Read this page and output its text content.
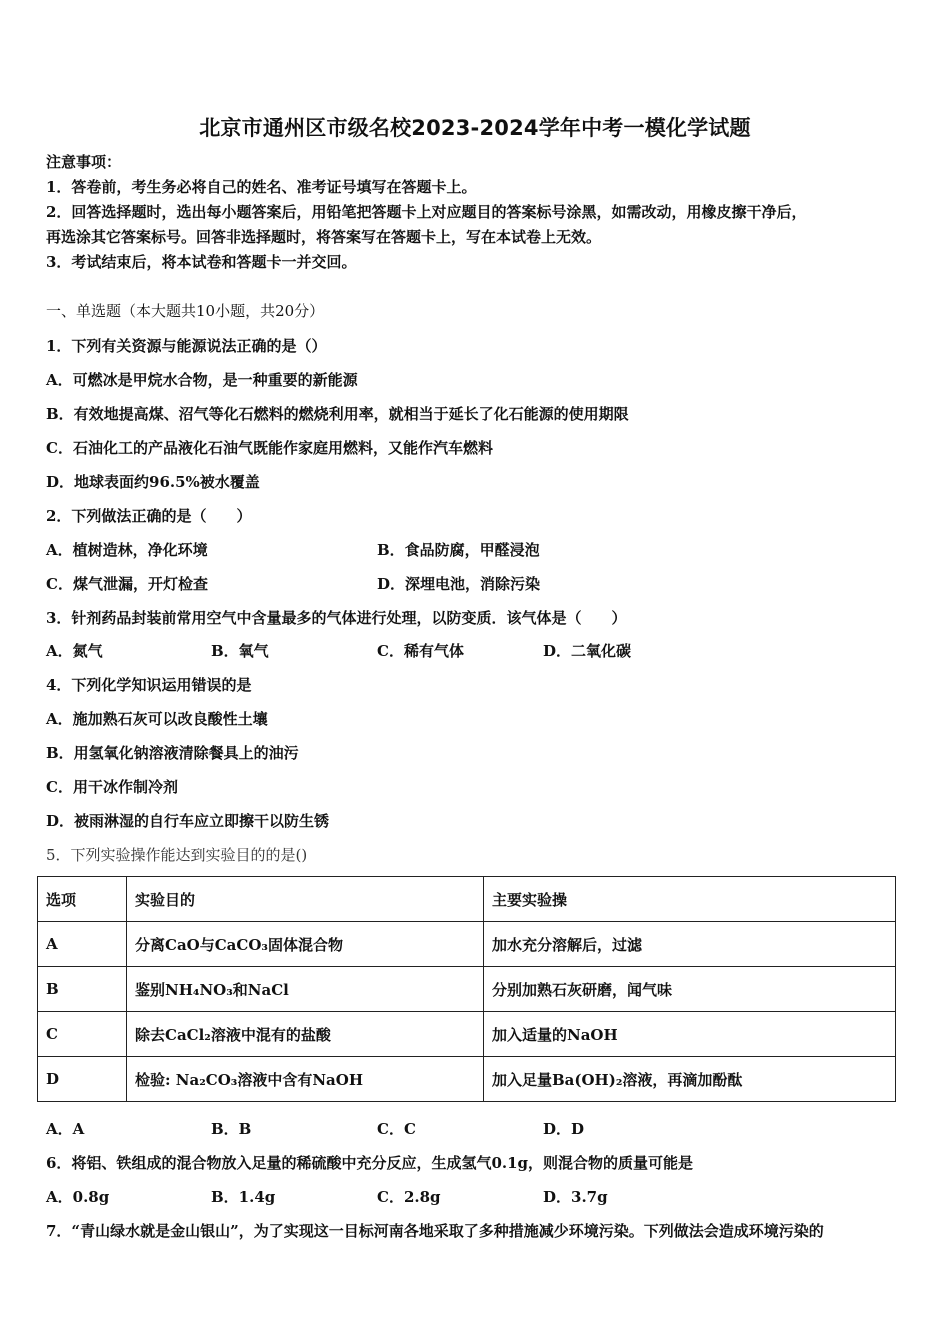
北京市通州区市级名校2023-2024学年中考一模化学试题
注意事项：
1．答卷前，考生务必将自己的姓名、准考证号填写在答题卡上。
2．回答选择题时，选出每小题答案后，用铅笔把答题卡上对应题目的答案标号涂黑，如需改动，用橡皮擦干净后，
再选涂其它答案标号。回答非选择题时，将答案写在答题卡上，写在本试卷上无效。
3．考试结束后，将本试卷和答题卡一并交回。
一、单选题（本大题共10小题，共20分）
1．下列有关资源与能源说法正确的是（）
A．可燃冰是甲烷水合物，是一种重要的新能源
B．有效地提高煤、沼气等化石燃料的燃烧利用率，就相当于延长了化石能源的使用期限
C．石油化工的产品液化石油气既能作家庭用燃料，又能作汽车燃料
D．地球表面约96.5%被水覆盖
2．下列做法正确的是（　　）
A．植树造林，净化环境	B．食品防腐，甲醛浸泡
C．煤气泄漏，开灯检查	D．深埋电池，消除污染
3．针剂药品封装前常用空气中含量最多的气体进行处理，以防变质．该气体是（　　）
A．氮气	B．氧气	C．稀有气体	D．二氧化碳
4．下列化学知识运用错误的是
A．施加熟石灰可以改良酸性土壤
B．用氢氧化钠溶液清除餐具上的油污
C．用干冰作制冷剂
D．被雨淋湿的自行车应立即擦干以防生锈
5．下列实验操作能达到实验目的的是()
选项	实验目的	主要实验操
A	分离CaO与CaCO₃固体混合物	加水充分溶解后，过滤
B	鉴别NH₄NO₃和NaCl	分别加熟石灰研磨，闻气味
C	除去CaCl₂溶液中混有的盐酸	加入适量的NaOH
D	检验: Na₂CO₃溶液中含有NaOH	加入足量Ba(OH)₂溶液，再滴加酚酞
A．A	B．B	C．C	D．D
6．将铝、铁组成的混合物放入足量的稀硫酸中充分反应，生成氢气0.1g，则混合物的质量可能是
A．0.8g	B．1.4g	C．2.8g	D．3.7g
7．“青山绿水就是金山银山”，为了实现这一目标河南各地采取了多种措施减少环境污染。下列做法会造成环境污染的
